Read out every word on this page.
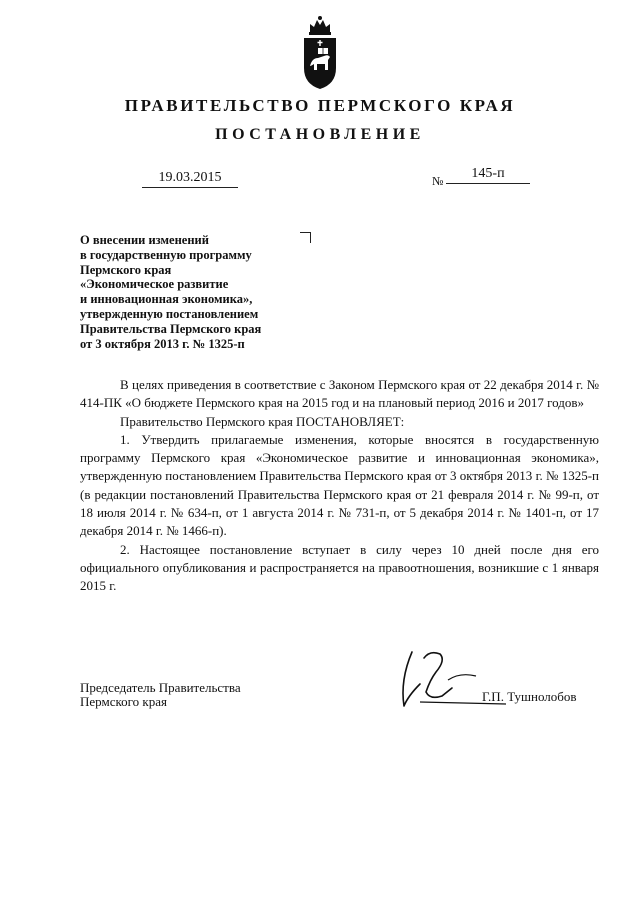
ПРАВИТЕЛЬСТВО ПЕРМСКОГО КРАЯ
ПОСТАНОВЛЕНИЕ
19.03.2015	№	145-п
О внесении изменений
в государственную программу
Пермского края
«Экономическое развитие
и инновационная экономика»,
утвержденную постановлением
Правительства Пермского края
от 3 октября 2013 г. № 1325-п

В целях приведения в соответствие с Законом Пермского края от 22 декабря 2014 г. № 414-ПК «О бюджете Пермского края на 2015 год и на плановый период 2016 и 2017 годов»

Правительство Пермского края ПОСТАНОВЛЯЕТ:

1. Утвердить прилагаемые изменения, которые вносятся в государственную программу Пермского края «Экономическое развитие и инновационная экономика», утвержденную постановлением Правительства Пермского края от 3 октября 2013 г. № 1325-п (в редакции постановлений Правительства Пермского края от 21 февраля 2014 г. № 99-п, от 18 июля 2014 г. № 634-п, от 1 августа 2014 г. № 731-п, от 5 декабря 2014 г. № 1401-п, от 17 декабря 2014 г. № 1466-п).

2. Настоящее постановление вступает в силу через 10 дней после дня его официального опубликования и распространяется на правоотношения, возникшие с 1 января 2015 г.

Председатель Правительства
Пермского края	Г.П. Тушнолобов
